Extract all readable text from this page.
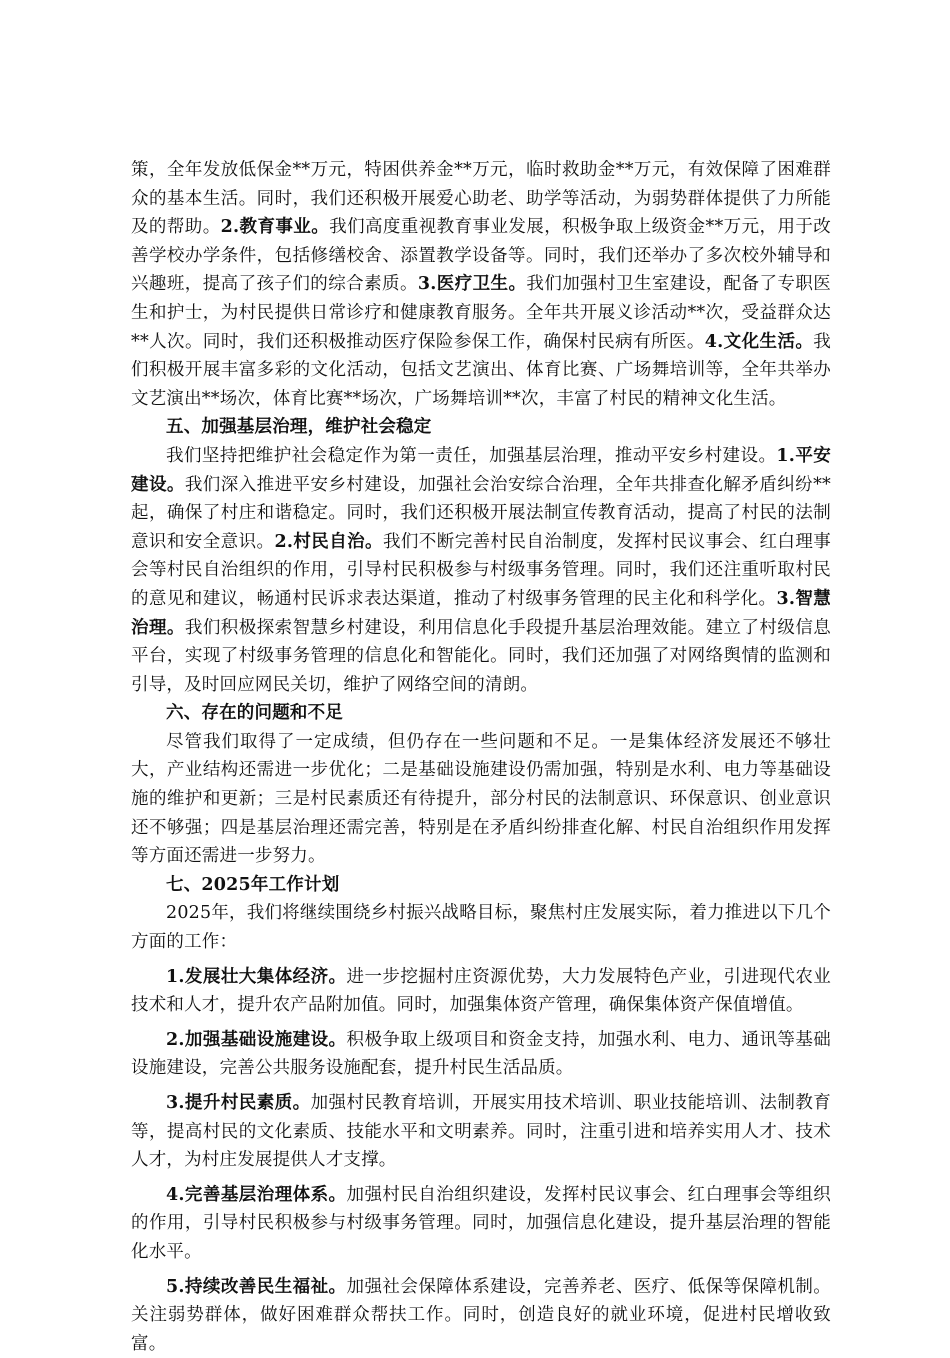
策，全年发放低保金**万元，特困供养金**万元，临时救助金**万元，有效保障了困难群众的基本生活。同时，我们还积极开展爱心助老、助学等活动，为弱势群体提供了力所能及的帮助。2.教育事业。我们高度重视教育事业发展，积极争取上级资金**万元，用于改善学校办学条件，包括修缮校舍、添置教学设备等。同时，我们还举办了多次校外辅导和兴趣班，提高了孩子们的综合素质。3.医疗卫生。我们加强村卫生室建设，配备了专职医生和护士，为村民提供日常诊疗和健康教育服务。全年共开展义诊活动**次，受益群众达**人次。同时，我们还积极推动医疗保险参保工作，确保村民病有所医。4.文化生活。我们积极开展丰富多彩的文化活动，包括文艺演出、体育比赛、广场舞培训等，全年共举办文艺演出**场次，体育比赛**场次，广场舞培训**次，丰富了村民的精神文化生活。

五、加强基层治理，维护社会稳定

我们坚持把维护社会稳定作为第一责任，加强基层治理，推动平安乡村建设。1.平安建设。我们深入推进平安乡村建设，加强社会治安综合治理，全年共排查化解矛盾纠纷**起，确保了村庄和谐稳定。同时，我们还积极开展法制宣传教育活动，提高了村民的法制意识和安全意识。2.村民自治。我们不断完善村民自治制度，发挥村民议事会、红白理事会等村民自治组织的作用，引导村民积极参与村级事务管理。同时，我们还注重听取村民的意见和建议，畅通村民诉求表达渠道，推动了村级事务管理的民主化和科学化。3.智慧治理。我们积极探索智慧乡村建设，利用信息化手段提升基层治理效能。建立了村级信息平台，实现了村级事务管理的信息化和智能化。同时，我们还加强了对网络舆情的监测和引导，及时回应网民关切，维护了网络空间的清朗。

六、存在的问题和不足

尽管我们取得了一定成绩，但仍存在一些问题和不足。一是集体经济发展还不够壮大，产业结构还需进一步优化；二是基础设施建设仍需加强，特别是水利、电力等基础设施的维护和更新；三是村民素质还有待提升，部分村民的法制意识、环保意识、创业意识还不够强；四是基层治理还需完善，特别是在矛盾纠纷排查化解、村民自治组织作用发挥等方面还需进一步努力。

七、2025年工作计划

2025年，我们将继续围绕乡村振兴战略目标，聚焦村庄发展实际，着力推进以下几个方面的工作：

1.发展壮大集体经济。进一步挖掘村庄资源优势，大力发展特色产业，引进现代农业技术和人才，提升农产品附加值。同时，加强集体资产管理，确保集体资产保值增值。

2.加强基础设施建设。积极争取上级项目和资金支持，加强水利、电力、通讯等基础设施建设，完善公共服务设施配套，提升村民生活品质。

3.提升村民素质。加强村民教育培训，开展实用技术培训、职业技能培训、法制教育等，提高村民的文化素质、技能水平和文明素养。同时，注重引进和培养实用人才、技术人才，为村庄发展提供人才支撑。

4.完善基层治理体系。加强村民自治组织建设，发挥村民议事会、红白理事会等组织的作用，引导村民积极参与村级事务管理。同时，加强信息化建设，提升基层治理的智能化水平。

5.持续改善民生福祉。加强社会保障体系建设，完善养老、医疗、低保等保障机制。关注弱势群体，做好困难群众帮扶工作。同时，创造良好的就业环境，促进村民增收致富。
